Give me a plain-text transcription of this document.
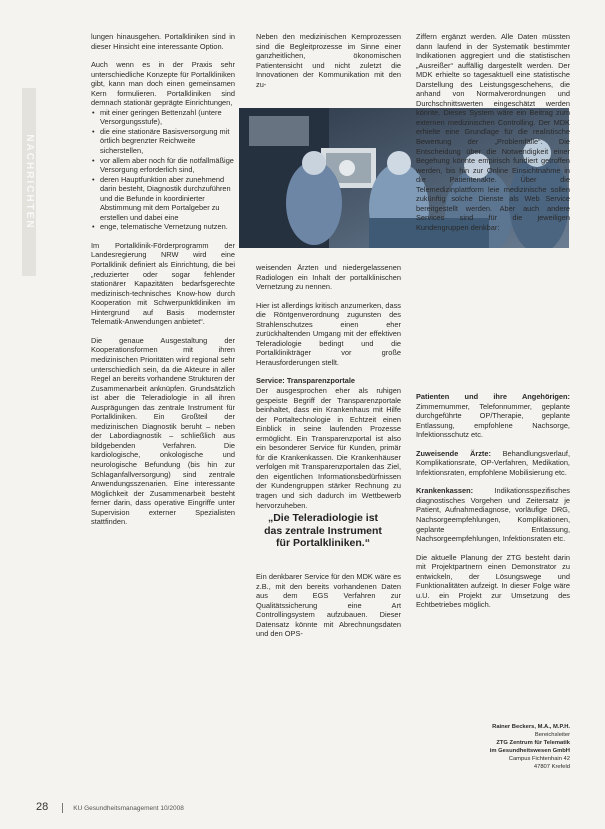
NACHRICHTEN

lungen hinausgehen. Portalkliniken sind in dieser Hinsicht eine interessante Option.

Auch wenn es in der Praxis sehr unterschiedliche Konzepte für Portalkliniken gibt, kann man doch einen gemeinsamen Kern formulieren. Portalkliniken sind demnach stationär geprägte Einrichtungen,

• mit einer geringen Bettenzahl (untere Versorgungsstufe),
• die eine stationäre Basisversorgung mit örtlich begrenzter Reichweite sicherstellen,
• vor allem aber noch für die notfallmäßige Versorgung erforderlich sind,
• deren Hauptfunktion aber zunehmend darin besteht, Diagnostik durchzuführen und die Befunde in koordinierter Abstimmung mit dem Portalgeber zu erstellen und dabei eine
• enge, telematische Vernetzung nutzen.

Im Portalklinik-Förderprogramm der Landesregierung NRW wird eine Portalklinik definiert als Einrichtung, die bei „reduzierter oder sogar fehlender stationärer Kapazitäten bedarfsgerechte medizinisch-technisches Know-how durch Kooperation mit Schwerpunktkliniken im Hintergrund auf Basis modernster Telematik-Anwendungen anbietet“.

Die genaue Ausgestaltung der Kooperationsformen mit ihren medizinischen Prioritäten wird regional sehr unterschiedlich sein, da die Akteure in aller Regel an bereits vorhandene Strukturen der Zusammenarbeit anknüpfen. Grundsätzlich ist aber die Teleradiologie in all ihren Ausprägungen das zentrale Instrument für Portalkliniken. Ein Großteil der medizinischen Diagnostik beruht – neben der Labordiagnostik – schließlich aus bildgebenden Verfahren. Die kardiologische, onkologische und neurologische Befundung (bis hin zur Schlaganfallversorgung) sind zentrale Anwendungsszenarien. Eine interessante Möglichkeit der Zusammenarbeit besteht ferner darin, dass operative Eingriffe unter Supervision externer Spezialisten stattfinden.

Neben den medizinischen Kernprozessen sind die Begleitprozesse im Sinne einer ganzheitlichen, ökonomischen Patientensicht und nicht zuletzt die Innovationen der Kommunikation mit den zu-

weisenden Ärzten und niedergelassenen Radiologen ein Inhalt der portalklinischen Vernetzung zu nennen.

Hier ist allerdings kritisch anzumerken, dass die Röntgenverordnung zugunsten des Strahlenschutzes einen eher zurückhaltenden Umgang mit der effektiven Teleradiologie bedingt und die Portalklinikträger vor große Herausforderungen stellt.

Service: Transparenzportale

Der ausgesprochen eher als ruhigen gespeiste Begriff der Transparenzportale beinhaltet, dass ein Krankenhaus mit Hilfe der Portaltechnologie in Echtzeit einen Einblick in seine laufenden Prozesse ermöglicht. Ein Transparenzportal ist also ein besonderer Service für Kunden, primär für die Krankenkassen. Die Krankenhäuser verfolgen mit Transparenzportalen das Ziel, den eigentlichen Informationsbedürfnissen der Kundengruppen stärker Rechnung zu tragen und sich dadurch im Wettbewerb hervorzuheben.

„Die Teleradiologie ist das zentrale Instrument für Portalkliniken.“

Ein denkbarer Service für den MDK wäre es z.B., mit den bereits vorhandenen Daten aus dem EGS Verfahren zur Qualitätssicherung eine Art Controllingsystem aufzubauen. Dieser Datensatz könnte mit Abrechnungsdaten und den OPS-

Ziffern ergänzt werden. Alle Daten müssten dann laufend in der Systematik bestimmter Indikationen aggregiert und die statistischen „Ausreißer“ auffällig dargestellt werden. Der MDK erhielte so tagesaktuell eine statistische Darstellung des Leistungsgeschehens, die anhand von Normalverordnungen und Durchschnittswerten eingeschätzt werden könnte. Dieses System wäre ein Beitrag zum externen medizinischen Controlling. Der MDK erhielte eine Grundlage für die realistische Bewertung der „Problemfälle“. Die Entscheidung über die Notwendigkeit einer Begehung könnte empirisch fundiert getroffen werden, bis hin zur Online Einsichtnahme in die Patientenakte. Über die Telemedizinplattform leie medizinische sollen zukünftig solche Dienste als Web Service bereitgestellt werden. Aber auch andere Services sind für die jeweiligen Kundengruppen denkbar:

Patienten und ihre Angehörigen: Zimmernummer, Telefonnummer, geplante durchgeführte OP/Therapie, geplante Entlassung, empfohlene Nachsorge, Infektionsschutz etc.

Zuweisende Ärzte: Behandlungsverlauf, Komplikationsrate, OP-Verfahren, Medikation, Infektionsraten, empfohlene Mobilisierung etc.

Krankenkassen:	Indikationsspezifisches diagnostisches Vorgehen und Zeitersatz je Patient, Aufnahmediagnose, vorläufige DRG, Nachsorgeempfehlungen, Komplikationen, geplante Entlassung, Nachsorgeempfehlungen, Infektionsraten etc.

Die aktuelle Planung der ZTG besteht darin mit Projektpartnern einen Demonstrator zu entwickeln, der Lösungswege und Funktionalitäten aufzeigt. In dieser Folge wäre u.U. ein Projekt zur Umsetzung des Echtbetriebes möglich.

Rainer Beckers, M.A., M.P.H.
Bereichsleiter
ZTG Zentrum für Telematik
im Gesundheitswesen GmbH
Campus Fichtenhain 42
47807 Krefeld
28	KU Gesundheitsmanagement 10/2008
